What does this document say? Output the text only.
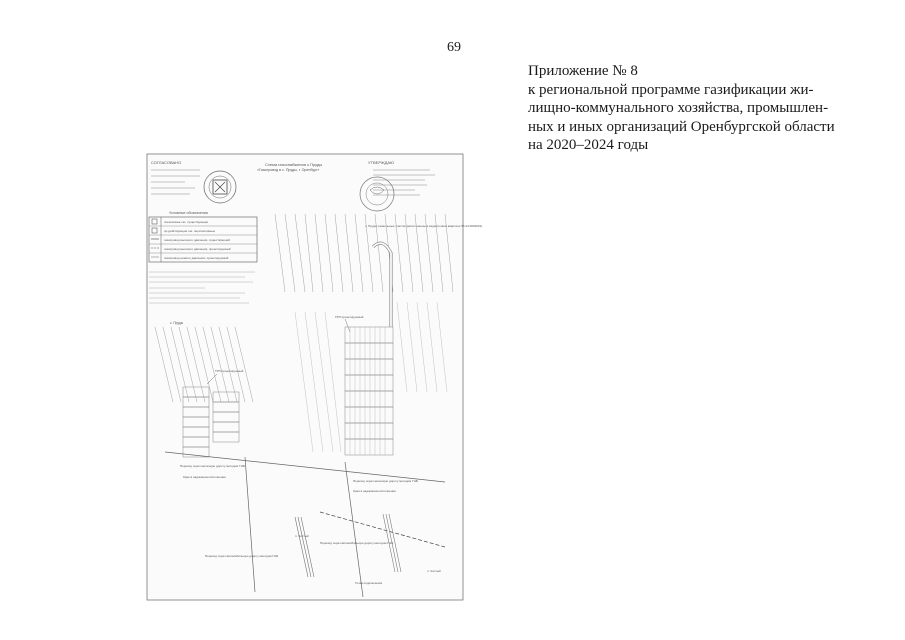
69
Приложение № 8
к региональной программе газификации жи-
лищно-коммунального хозяйства, промышлен-
ных и иных организаций Оренбургской области
на 2020–2024 годы
СОГЛАСОВАНО	Схема газоснабжения с.Пруды
«Газопровод в с. Пруды, г. Оренбург»
УТВЕРЖДАЮ
Условные обозначения
поселковые газ. существующие
пр-действующие газ. перспективные
газопровод высокого давления, существующий
газопровод высокого давления, проектируемый
газопровод низкого давления, проектируемый
с. Пруды (земельные участки расположены в кадастровом квартале 56:44:0602001)
с. Пруды
ГРП проектируемый
ГРП проектируемый
Переход через железную дорогу методом ГНБ
Кран в надземном исполнении
Переход через железную дорогу методом ГНБ
Кран в надземном исполнении
п. Чистый
п. Чистый
Переход через автомобильную дорогу методом ГНБ
Переход через автомобильную дорогу методом ГНБ
Точка подключения
